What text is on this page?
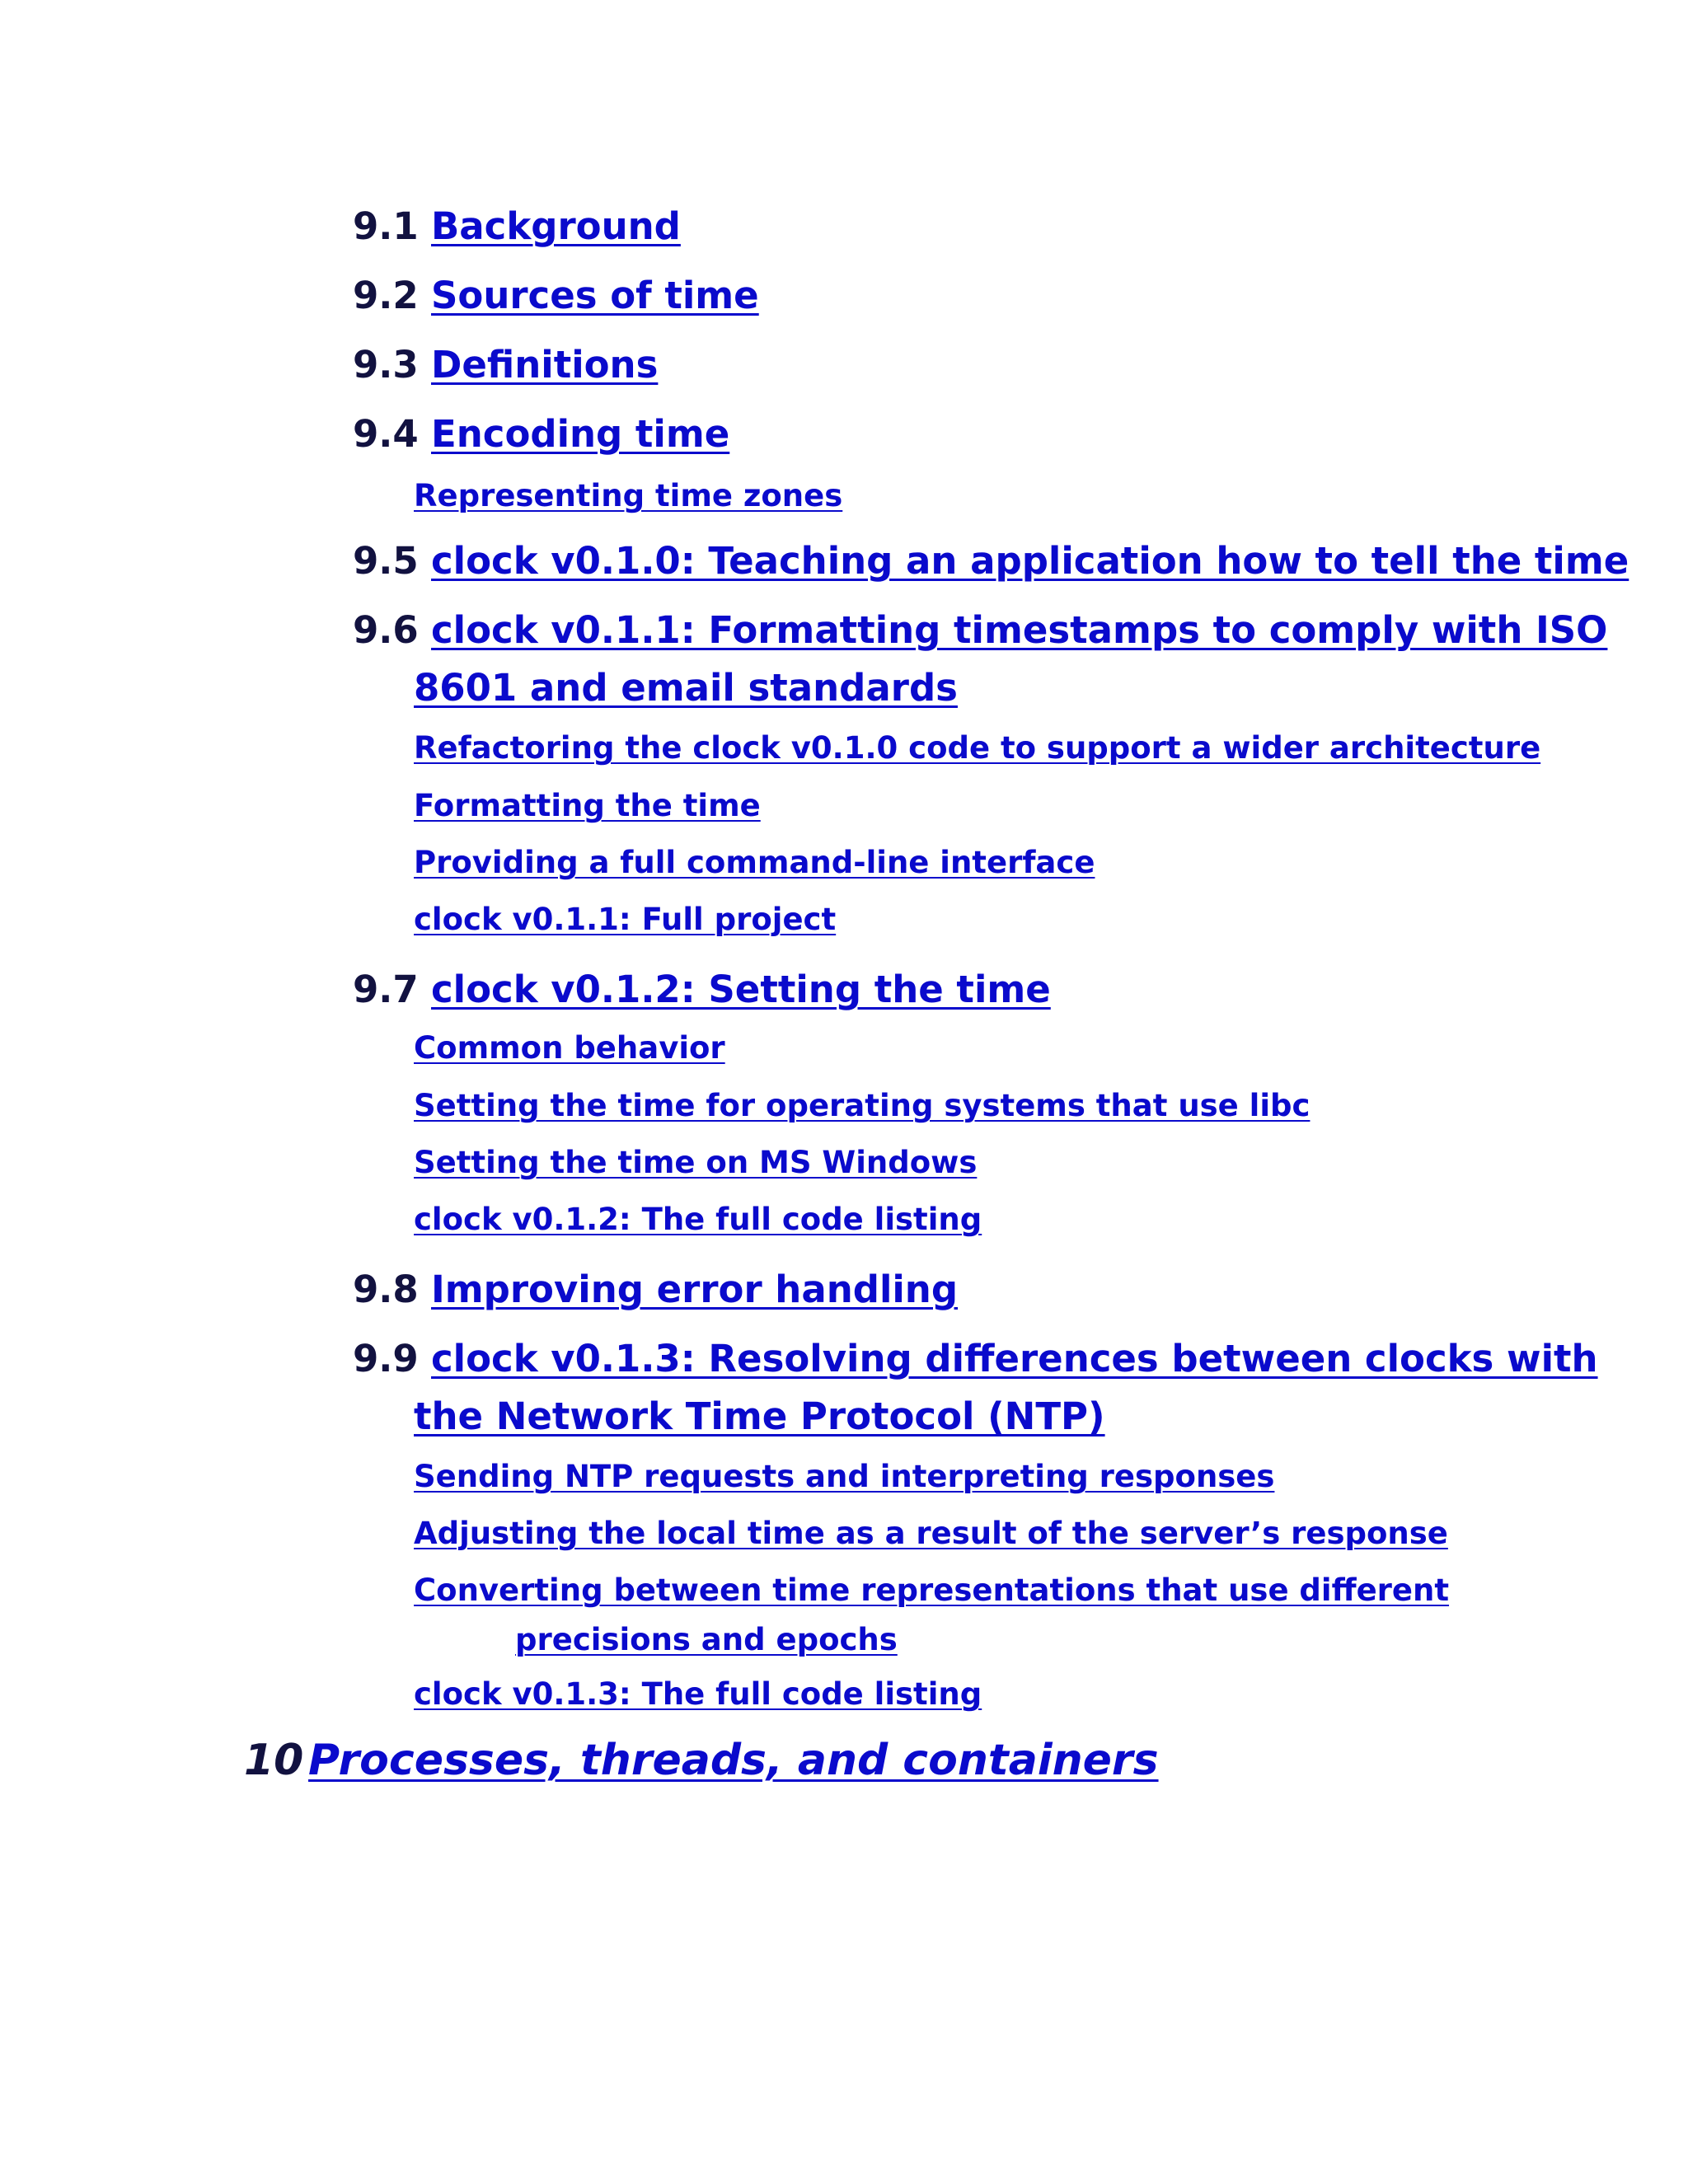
9.1 Background
9.2 Sources of time
9.3 Definitions
9.4 Encoding time
Representing time zones
9.5 clock v0.1.0: Teaching an application how to tell the time
9.6 clock v0.1.1: Formatting timestamps to comply with ISO
8601 and email standards
Refactoring the clock v0.1.0 code to support a wider architecture
Formatting the time
Providing a full command-line interface
clock v0.1.1: Full project
9.7 clock v0.1.2: Setting the time
Common behavior
Setting the time for operating systems that use libc
Setting the time on MS Windows
clock v0.1.2: The full code listing
9.8 Improving error handling
9.9 clock v0.1.3: Resolving differences between clocks with
the Network Time Protocol (NTP)
Sending NTP requests and interpreting responses
Adjusting the local time as a result of the server’s response
Converting between time representations that use different
precisions and epochs
clock v0.1.3: The full code listing
10 Processes, threads, and containers
